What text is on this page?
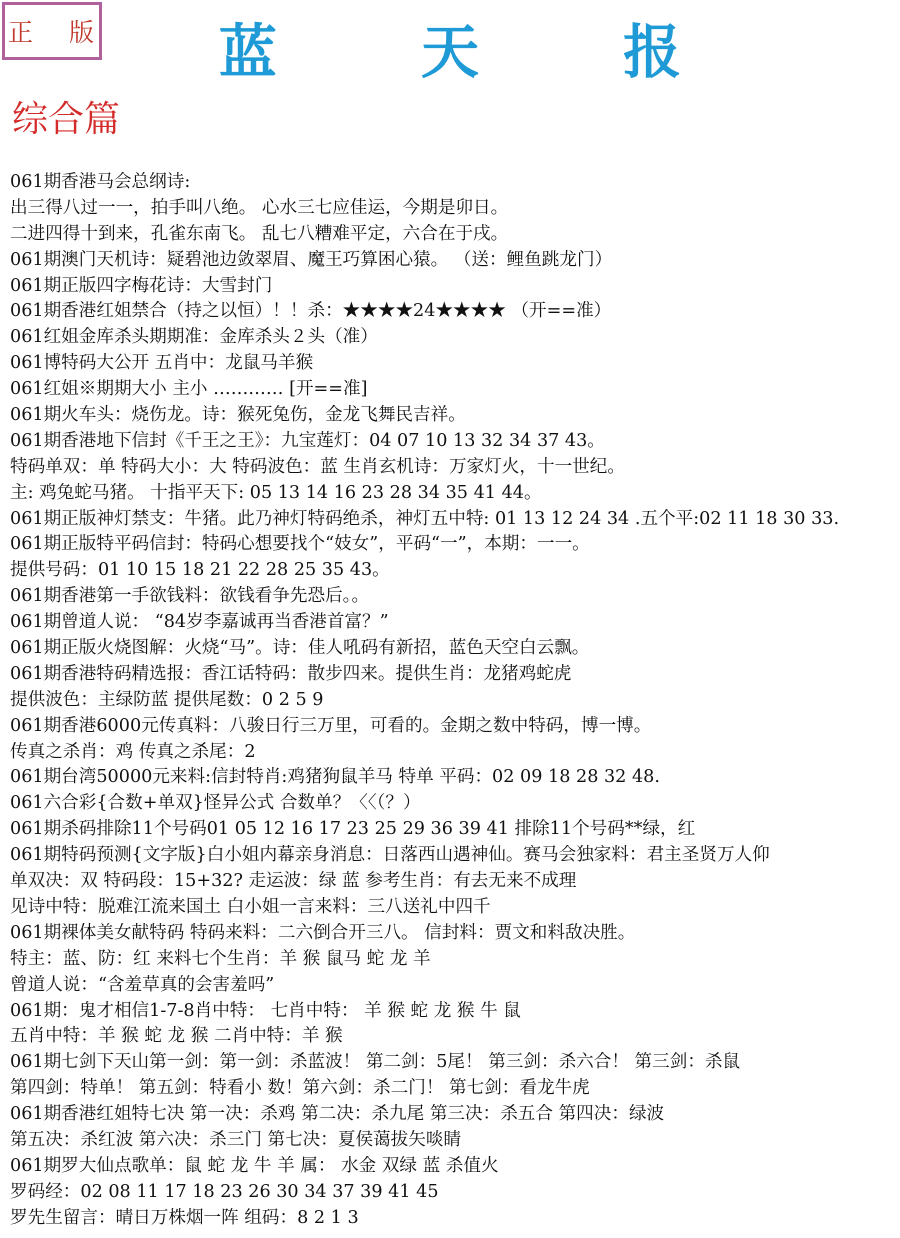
正 版	蓝 天 报
综合篇
061期香港马会总纲诗:
出三得八过一一，拍手叫八绝。 心水三七应佳运，今期是卯日。
二进四得十到来，孔雀东南飞。 乱七八糟难平定，六合在于戌。
061期澳门天机诗：疑碧池边敛翠眉、魔王巧算困心猿。 （送：鲤鱼跳龙门）
061期正版四字梅花诗：大雪封门
061期香港红姐禁合（持之以恒）！！杀：★★★★24★★★★ （开==准）
061红姐金库杀头期期准：金库杀头２头（准）
061博特码大公开 五肖中：龙鼠马羊猴
061红姐※期期大小 主小 ………… [开==准]
061期火车头：烧伤龙。诗：猴死兔伤，金龙飞舞民吉祥。
061期香港地下信封《千王之王》：九宝莲灯：04 07 10 13 32 34 37 43。
特码单双：单 特码大小：大 特码波色：蓝 生肖玄机诗：万家灯火，十一世纪。
主: 鸡兔蛇马猪。 十指平天下: 05 13 14 16 23 28 34 35 41 44。
061期正版神灯禁支：牛猪。此乃神灯特码绝杀，神灯五中特: 01 13 12 24 34 .五个平:02 11 18 30 33.
061期正版特平码信封：特码心想要找个“妓女”，平码“一”，本期：一一。
提供号码：01 10 15 18 21 22 28 25 35 43。
061期香港第一手欲钱料：欲钱看争先恐后。。
061期曾道人说： “84岁李嘉诚再当香港首富？”
061期正版火烧图解：火烧“马”。诗：佳人吼码有新招，蓝色天空白云飘。
061期香港特码精选报：香江话特码：散步四来。提供生肖：龙猪鸡蛇虎
提供波色：主绿防蓝 提供尾数：0 2 5 9
061期香港6000元传真料：八骏日行三万里，可看的。金期之数中特码，博一博。
传真之杀肖：鸡 传真之杀尾：2
061期台湾50000元来料:信封特肖:鸡猪狗鼠羊马 特单 平码：02 09 18 28 32 48.
061六合彩{合数+单双}怪异公式 合数单？〈〈（？）
061期杀码排除11个号码01 05 12 16 17 23 25 29 36 39 41 排除11个号码**绿，红
061期特码预测{文字版}白小姐内幕亲身消息：日落西山遇神仙。赛马会独家料：君主圣贤万人仰
单双决：双 特码段：15+32? 走运波：绿 蓝 参考生肖：有去无来不成理
见诗中特：脱难江流来国土 白小姐一言来料：三八送礼中四千
061期裸体美女献特码 特码来料：二六倒合开三八。 信封料：贾文和料敌决胜。
特主：蓝、防：红 来料七个生肖：羊 猴 鼠马 蛇 龙 羊
曾道人说：“含羞草真的会害羞吗”
061期：鬼才相信1-7-8肖中特： 七肖中特： 羊 猴 蛇 龙 猴 牛 鼠
五肖中特：羊 猴 蛇 龙 猴 二肖中特：羊 猴
061期七剑下天山第一剑：第一剑：杀蓝波！ 第二剑：5尾！ 第三剑：杀六合！ 第三剑：杀鼠
第四剑：特单！ 第五剑：特看小 数！第六剑：杀二门！ 第七剑：看龙牛虎
061期香港红姐特七决 第一决：杀鸡 第二决：杀九尾 第三决：杀五合 第四决：绿波
第五决：杀红波 第六决：杀三门 第七决：夏侯蔼拔矢啖睛
061期罗大仙点歌单：鼠 蛇 龙 牛 羊 属： 水金 双绿 蓝 杀值火
罗码经：02 08 11 17 18 23 26 30 34 37 39 41 45
罗先生留言：晴日万株烟一阵 组码：8 2 1 3
